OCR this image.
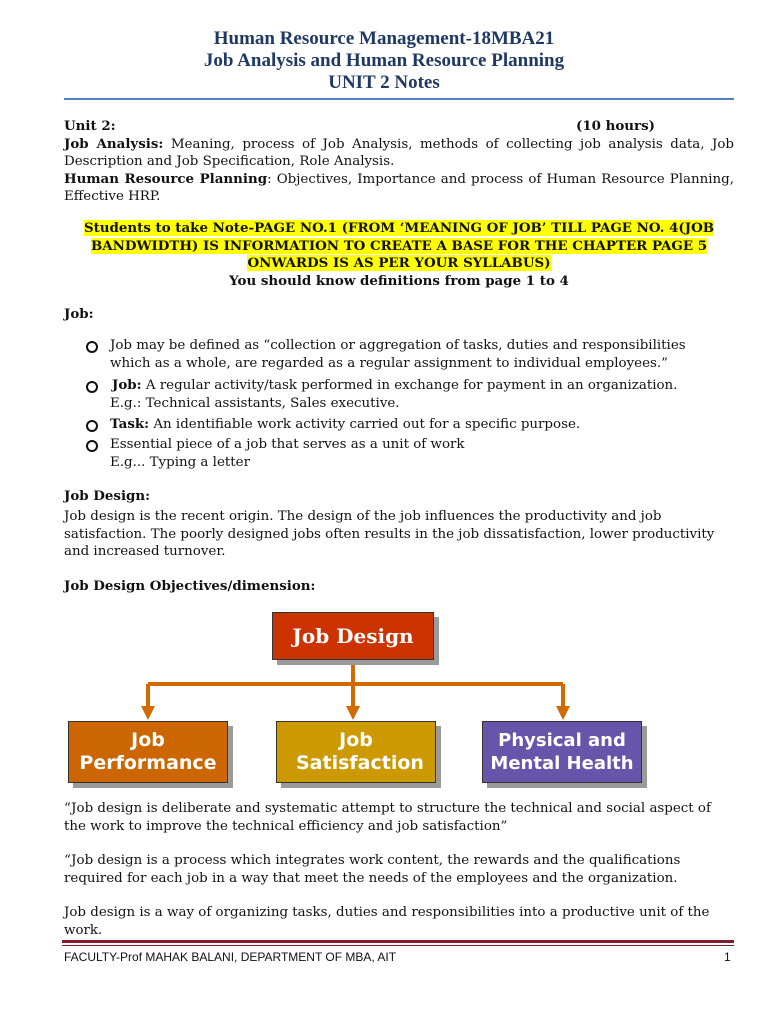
Human Resource Management-18MBA21
Job Analysis and Human Resource Planning
UNIT 2 Notes
Unit 2:	(10 hours)
Job Analysis: Meaning, process of Job Analysis, methods of collecting job analysis data, Job Description and Job Specification, Role Analysis.
Human Resource Planning: Objectives, Importance and process of Human Resource Planning, Effective HRP.
Students to take Note-PAGE NO.1 (FROM ‘MEANING OF JOB’ TILL PAGE NO. 4(JOB BANDWIDTH) IS INFORMATION TO CREATE A BASE FOR THE CHAPTER PAGE 5 ONWARDS IS AS PER YOUR SYLLABUS)
You should know definitions from page 1 to 4
Job:
Job may be defined as “collection or aggregation of tasks, duties and responsibilities which as a whole, are regarded as a regular assignment to individual employees.”
Job: A regular activity/task performed in exchange for payment in an organization.
E.g.: Technical assistants, Sales executive.
Task: An identifiable work activity carried out for a specific purpose.
Essential piece of a job that serves as a unit of work
E.g... Typing a letter
Job Design:
Job design is the recent origin. The design of the job influences the productivity and job satisfaction. The poorly designed jobs often results in the job dissatisfaction, lower productivity and increased turnover.
Job Design Objectives/dimension:
Job Design
Job Performance
Job Satisfaction
Physical and Mental Health
“Job design is deliberate and systematic attempt to structure the technical and social aspect of the work to improve the technical efficiency and job satisfaction”
“Job design is a process which integrates work content, the rewards and the qualifications required for each job in a way that meet the needs of the employees and the organization.
Job design is a way of organizing tasks, duties and responsibilities into a productive unit of the work.
FACULTY-Prof MAHAK BALANI, DEPARTMENT OF MBA, AIT	1
